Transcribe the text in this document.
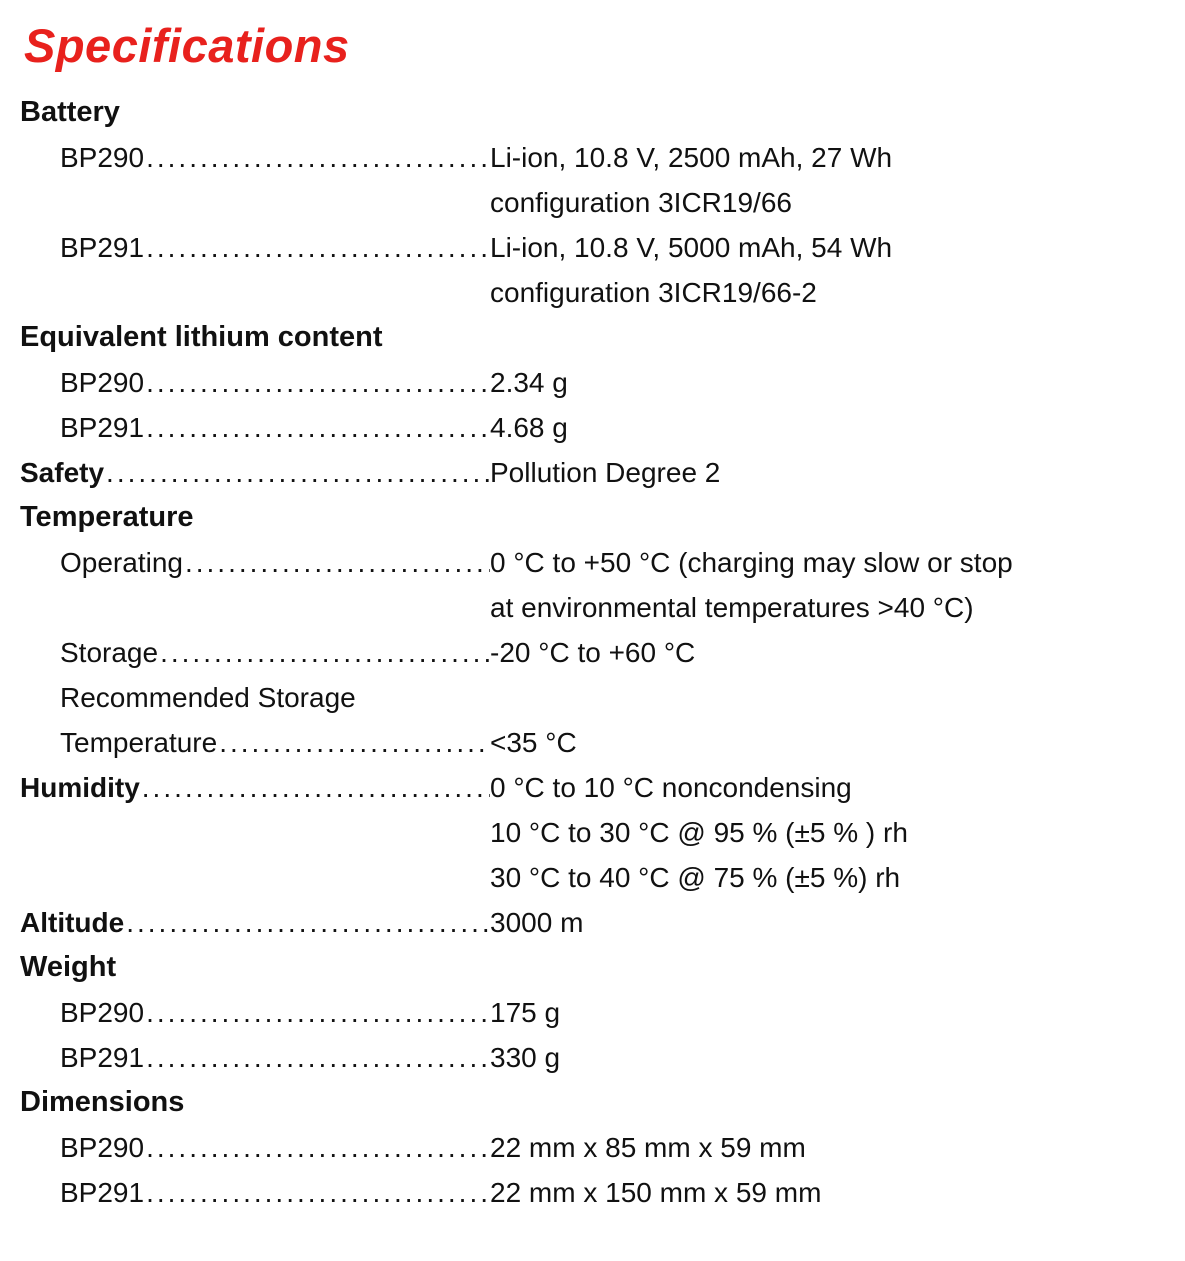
Specifications
Battery
BP290 .....	Li-ion, 10.8 V, 2500 mAh, 27 Wh
configuration 3ICR19/66
BP291 .....	Li-ion, 10.8 V, 5000 mAh, 54 Wh
configuration 3ICR19/66-2
Equivalent lithium content
BP290 .....	2.34 g
BP291 .....	4.68 g
Safety .....	Pollution Degree 2
Temperature
Operating .....	0 °C to +50 °C (charging may slow or stop
at environmental temperatures >40 °C)
Storage .....	-20 °C to +60 °C
Recommended Storage
Temperature .....	<35 °C
Humidity .....	0 °C to 10 °C noncondensing
10 °C to 30 °C @ 95 % (±5 % ) rh
30 °C to 40 °C @ 75 % (±5 %) rh
Altitude .....	3000 m
Weight
BP290 .....	175 g
BP291 .....	330 g
Dimensions
BP290 .....	22 mm x 85 mm x 59 mm
BP291 .....	22 mm x 150 mm x 59 mm
